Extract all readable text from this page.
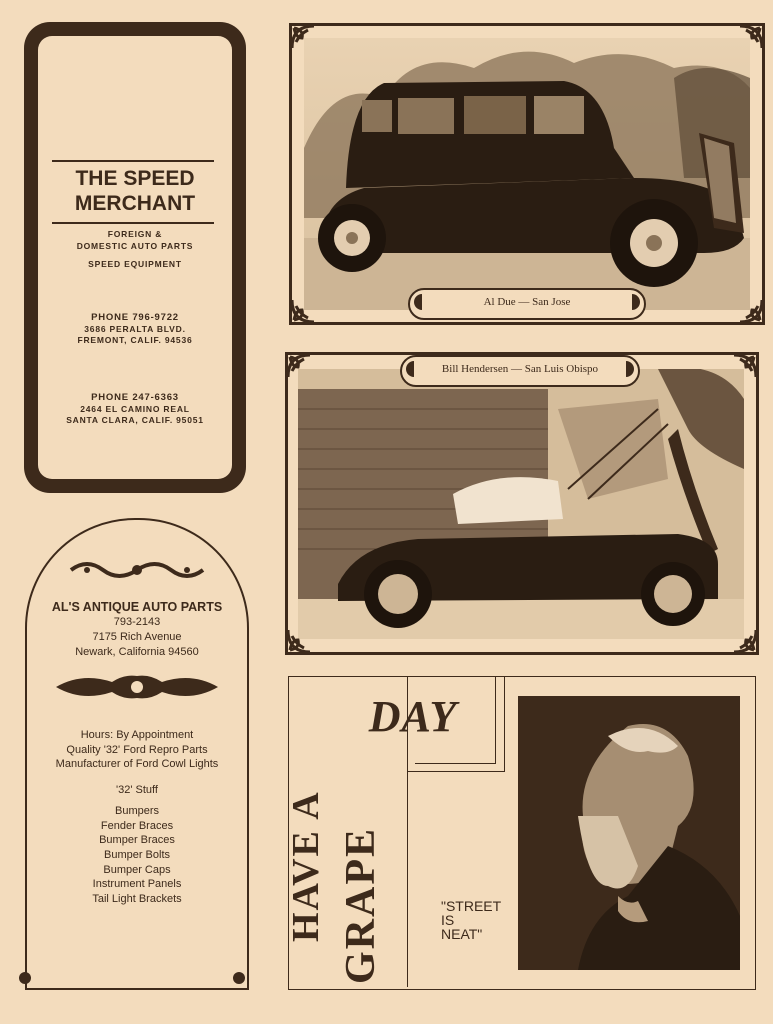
THE SPEED
MERCHANT
FOREIGN &
DOMESTIC AUTO PARTS
SPEED EQUIPMENT
PHONE 796-9722
3686 PERALTA BLVD.
FREMONT, CALIF. 94536
PHONE 247-6363
2464 EL CAMINO REAL
SANTA CLARA, CALIF. 95051
Al Due — San Jose
Bill Hendersen — San Luis Obispo
AL'S ANTIQUE AUTO PARTS
793-2143
7175 Rich Avenue
Newark, California 94560
Hours: By Appointment
Quality '32' Ford Repro Parts
Manufacturer of Ford Cowl Lights
'32' Stuff
Bumpers
Fender Braces
Bumper Braces
Bumper Bolts
Bumper Caps
Instrument Panels
Tail Light Brackets	HAVE A GRAPE
DAY
"STREET
IS
NEAT"
